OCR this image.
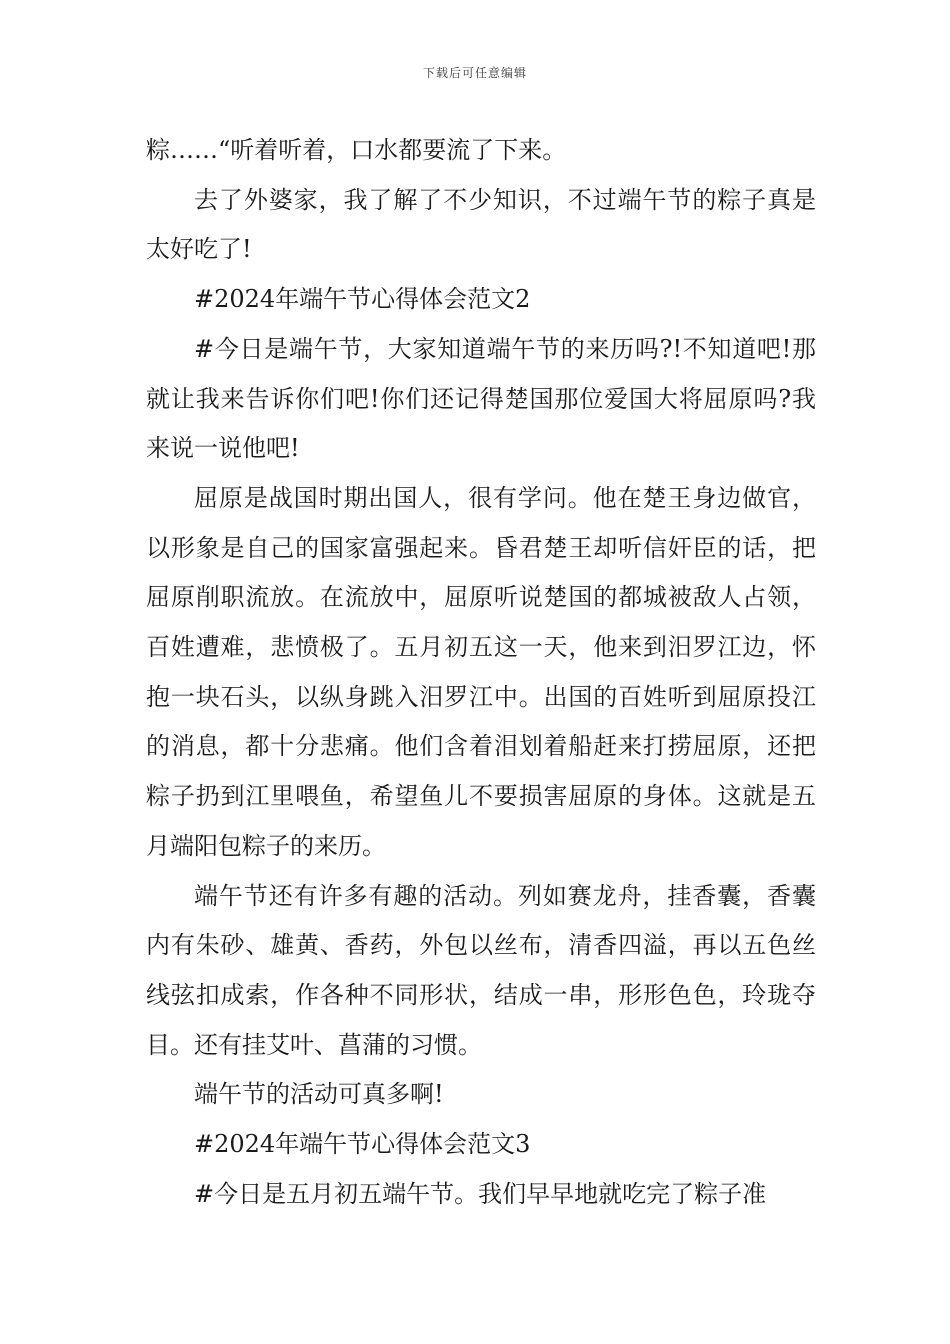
下载后可任意编辑

粽……“听着听着，口水都要流了下来。

去了外婆家，我了解了不少知识，不过端午节的粽子真是太好吃了!

#2024年端午节心得体会范文2

#今日是端午节，大家知道端午节的来历吗?!不知道吧!那就让我来告诉你们吧!你们还记得楚国那位爱国大将屈原吗?我来说一说他吧!

屈原是战国时期出国人，很有学问。他在楚王身边做官，以形象是自己的国家富强起来。昏君楚王却听信奸臣的话，把屈原削职流放。在流放中，屈原听说楚国的都城被敌人占领，百姓遭难，悲愤极了。五月初五这一天，他来到汨罗江边，怀抱一块石头，以纵身跳入汨罗江中。出国的百姓听到屈原投江的消息，都十分悲痛。他们含着泪划着船赶来打捞屈原，还把粽子扔到江里喂鱼，希望鱼儿不要损害屈原的身体。这就是五月端阳包粽子的来历。

端午节还有许多有趣的活动。列如赛龙舟，挂香囊，香囊内有朱砂、雄黄、香药，外包以丝布，清香四溢，再以五色丝线弦扣成索，作各种不同形状，结成一串，形形色色，玲珑夺目。还有挂艾叶、菖蒲的习惯。

端午节的活动可真多啊!

#2024年端午节心得体会范文3

#今日是五月初五端午节。我们早早地就吃完了粽子准
